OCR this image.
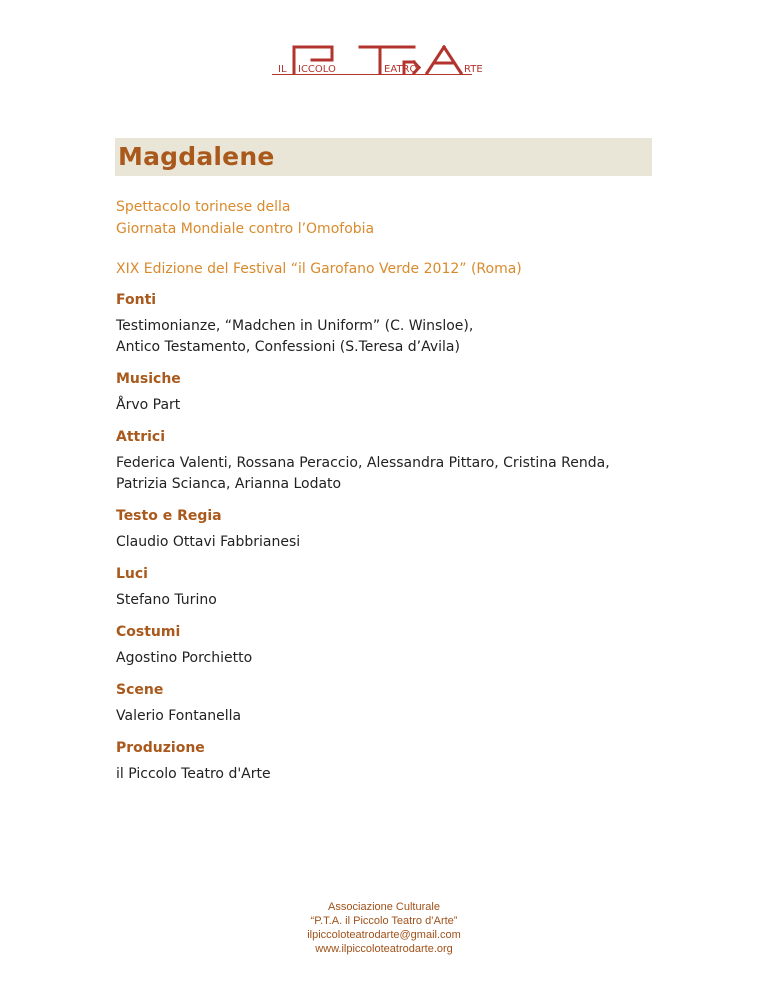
IL ICCOLO	EATRO	RTE
Magdalene
Spettacolo torinese della
Giornata Mondiale contro l’Omofobia
XIX Edizione del Festival “il Garofano Verde 2012” (Roma)
Fonti
Testimonianze, “Madchen in Uniform” (C. Winsloe),
Antico Testamento, Confessioni (S.Teresa d’Avila)
Musiche
Årvo Part
Attrici
Federica Valenti, Rossana Peraccio, Alessandra Pittaro, Cristina Renda,
Patrizia Scianca, Arianna Lodato
Testo e Regia
Claudio Ottavi Fabbrianesi
Luci
Stefano Turino
Costumi
Agostino Porchietto
Scene
Valerio Fontanella
Produzione
il Piccolo Teatro d'Arte
Associazione Culturale
“P.T.A. il Piccolo Teatro d’Arte”
ilpiccoloteatrodarte@gmail.com
www.ilpiccoloteatrodarte.org
